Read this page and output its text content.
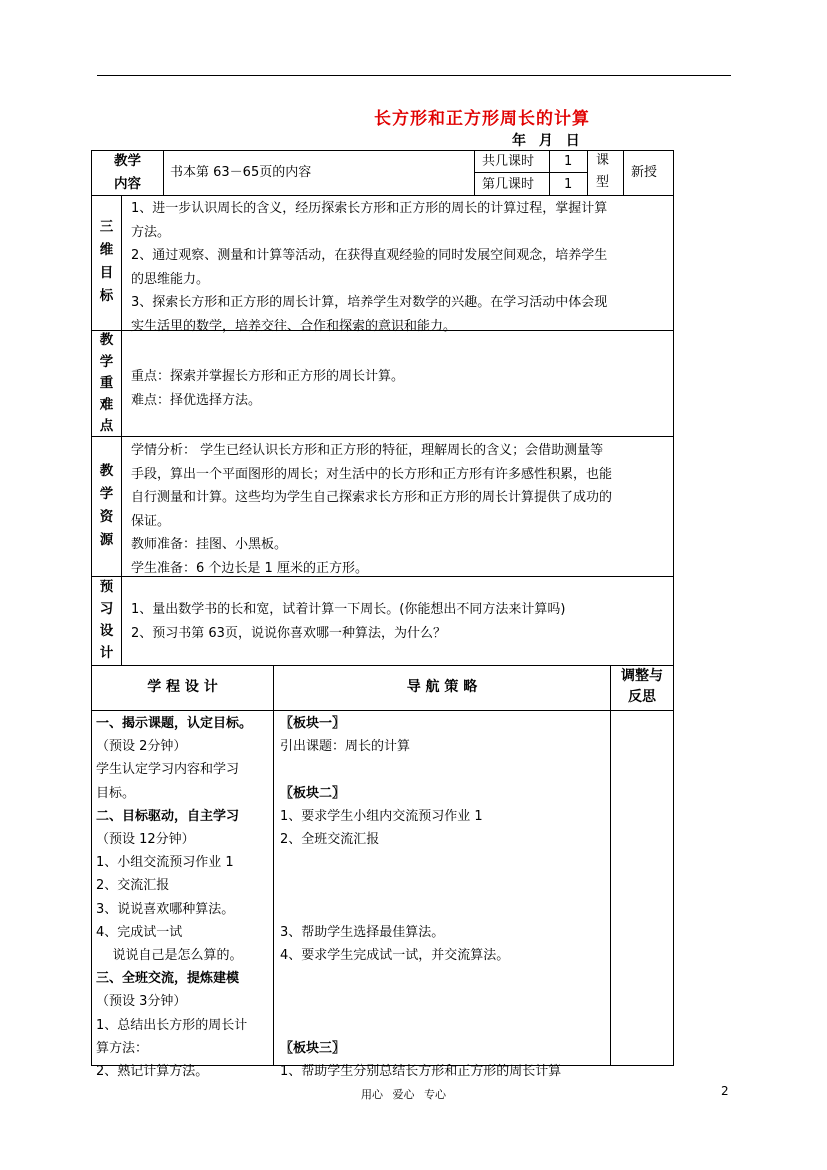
长方形和正方形周长的计算
年 月 日
教学
内容
书本第 63－65页的内容
共几课时 1
第几课时 1
课
型
新授
三
维
目
标
1、进一步认识周长的含义，经历探索长方形和正方形的周长的计算过程，掌握计算
方法。
2、通过观察、测量和计算等活动，在获得直观经验的同时发展空间观念，培养学生
的思维能力。
3、探索长方形和正方形的周长计算，培养学生对数学的兴趣。在学习活动中体会现
实生活里的数学，培养交往、合作和探索的意识和能力。
教
学
重
难
点
重点：探索并掌握长方形和正方形的周长计算。
难点：择优选择方法。
教
学
资
源
学情分析： 学生已经认识长方形和正方形的特征，理解周长的含义；会借助测量等
手段，算出一个平面图形的周长；对生活中的长方形和正方形有许多感性积累，也能
自行测量和计算。这些均为学生自己探索求长方形和正方形的周长计算提供了成功的
保证。
教师准备：挂图、小黑板。
学生准备：6 个边长是 1 厘米的正方形。
预
习
设
计
1、量出数学书的长和宽，试着计算一下周长。(你能想出不同方法来计算吗)
2、预习书第 63页，说说你喜欢哪一种算法，为什么？
学 程 设 计	导 航 策 略
调整与
反思
一、揭示课题，认定目标。
（预设 2分钟）
学生认定学习内容和学习
目标。
二、目标驱动，自主学习
（预设 12分钟）
1、小组交流预习作业 1
2、交流汇报
3、说说喜欢哪种算法。
4、完成试一试
说说自己是怎么算的。
三、全班交流，提炼建模
（预设 3分钟）
1、总结出长方形的周长计
算方法：
2、熟记计算方法。
〖板块一〗
引出课题：周长的计算
〖板块二〗
1、要求学生小组内交流预习作业 1
2、全班交流汇报
3、帮助学生选择最佳算法。
4、要求学生完成试一试，并交流算法。
〖板块三〗
1、帮助学生分别总结长方形和正方形的周长计算
用心 爱心 专心	2
